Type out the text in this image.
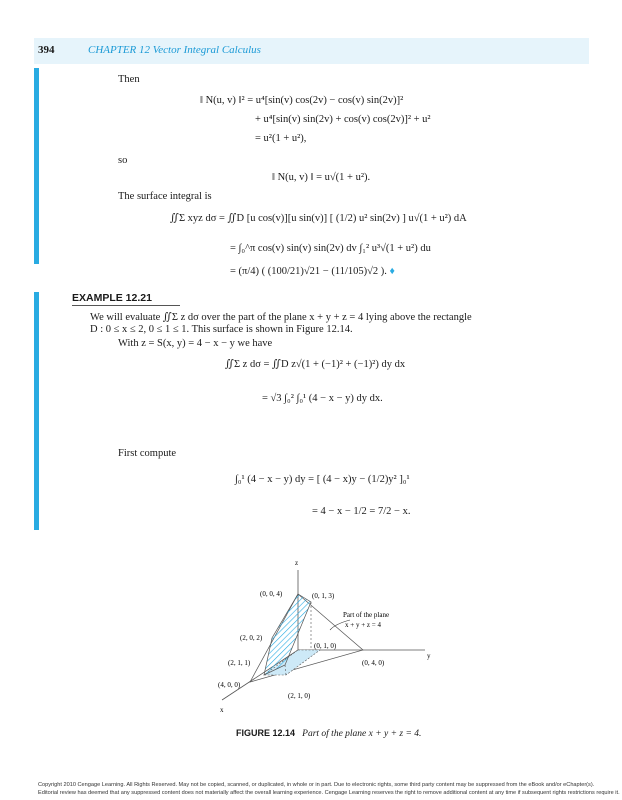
394	CHAPTER 12 Vector Integral Calculus
Then
‖ N(u, v) ‖² = u⁴[sin(v) cos(2v) − cos(v) sin(2v)]²
+ u⁴[sin(v) sin(2v) + cos(v) cos(2v)]² + u²
= u²(1 + u²),
so
‖ N(u, v) ‖ = u√(1 + u²).
The surface integral is
∬Σ xyz dσ = ∬D [u cos(v)][u sin(v)] [ (1/2) u² sin(2v) ] u√(1 + u²) dA
= ∫₀^π cos(v) sin(v) sin(2v) dv ∫₁² u³√(1 + u²) du
= (π/4) ( (100/21)√21 − (11/105)√2 ). ♦
EXAMPLE 12.21
We will evaluate ∬Σ z dσ over the part of the plane x + y + z = 4 lying above the rectangle
D : 0 ≤ x ≤ 2, 0 ≤ 1 ≤ 1. This surface is shown in Figure 12.14.
With z = S(x, y) = 4 − x − y we have
∬Σ z dσ = ∬D z√(1 + (−1)² + (−1)²) dy dx
= √3 ∫₀² ∫₀¹ (4 − x − y) dy dx.
First compute
∫₀¹ (4 − x − y) dy = [ (4 − x)y − (1/2)y² ]₀¹
= 4 − x − 1/2 = 7/2 − x.
z
y
x
(0, 0, 4)	(0, 1, 3)
(2, 0, 2)
(0, 1, 0)
(2, 1, 1)	(0, 4, 0)
(4, 0, 0)
(2, 1, 0)
Part of the plane
x + y + z = 4
FIGURE 12.14 Part of the plane x + y + z = 4.
Copyright 2010 Cengage Learning. All Rights Reserved. May not be copied, scanned, or duplicated, in whole or in part. Due to electronic rights, some third party content may be suppressed from the eBook and/or eChapter(s).
Editorial review has deemed that any suppressed content does not materially affect the overall learning experience. Cengage Learning reserves the right to remove additional content at any time if subsequent rights restrictions require it.
